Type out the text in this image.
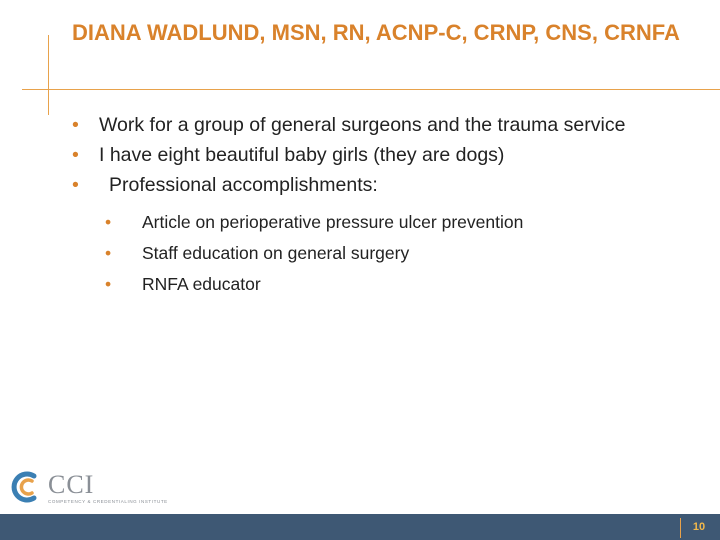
DIANA WADLUND, MSN, RN, ACNP-C, CRNP, CNS, CRNFA
•	Work for a group of general surgeons and the trauma service
•	I have eight beautiful baby girls (they are dogs)
•	Professional accomplishments:
•	Article on perioperative pressure ulcer prevention
•	Staff education on general surgery
•	RNFA educator
CCI
COMPETENCY & CREDENTIALING INSTITUTE
10
